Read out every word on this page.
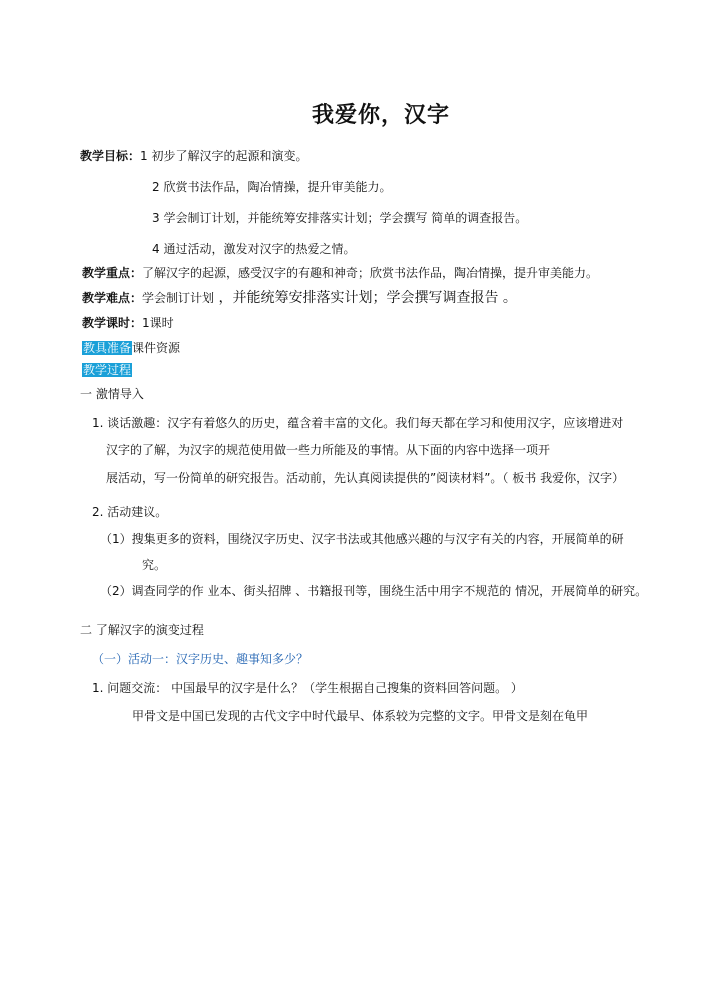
我爱你，汉字
教学目标：1 初步了解汉字的起源和演变。
2 欣赏书法作品，陶冶情操，提升审美能力。
3 学会制订计划，并能统筹安排落实计划；学会撰写 简单的调查报告。
4 通过活动，激发对汉字的热爱之情。
教学重点：了解汉字的起源，感受汉字的有趣和神奇；欣赏书法作品，陶冶情操，提升审美能力。
教学难点：学会制订计划 ，并能统筹安排落实计划；学会撰写调查报告 。
教学课时：1课时
教具准备课件资源
教学过程
一 激情导入
1. 谈话激趣：汉字有着悠久的历史，蕴含着丰富的文化。我们每天都在学习和使用汉字，应该增进对
汉字的了解，为汉字的规范使用做一些力所能及的事情。从下面的内容中选择一项开
展活动，写一份简单的研究报告。活动前，先认真阅读提供的”阅读材料”。（ 板书 我爱你，汉字）
2. 活动建议。
（1）搜集更多的资料，围绕汉字历史、汉字书法或其他感兴趣的与汉字有关的内容，开展简单的研
究。
（2）调查同学的作 业本、街头招牌 、书籍报刊等，围绕生活中用字不规范的 情况，开展简单的研究。
二 了解汉字的演变过程
（一）活动一：汉字历史、趣事知多少？
1. 问题交流： 中国最早的汉字是什么？（学生根据自己搜集的资料回答问题。 ）
甲骨文是中国已发现的古代文字中时代最早、体系较为完整的文字。甲骨文是刻在龟甲
